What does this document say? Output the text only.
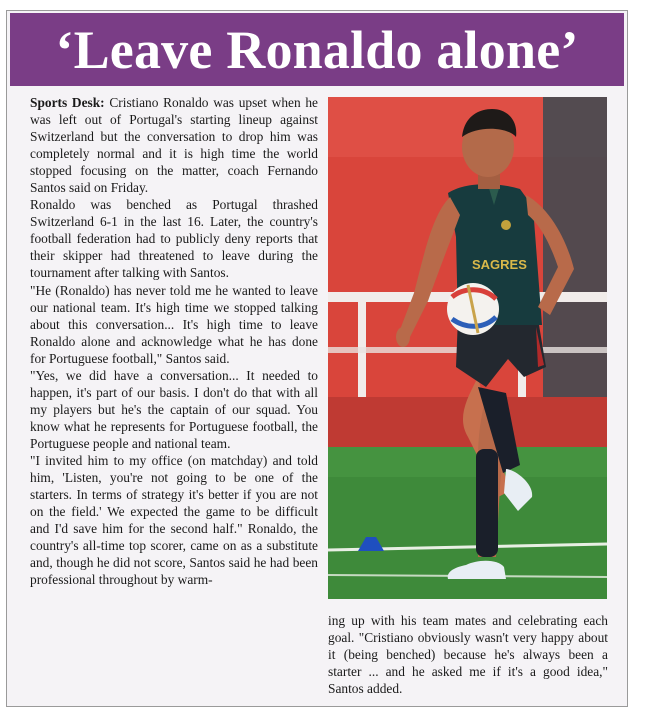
‘Leave Ronaldo alone’

Sports Desk: Cristiano Ronaldo was upset when he was left out of Portugal's starting lineup against Switzerland but the conversation to drop him was completely normal and it is high time the world stopped focusing on the matter, coach Fernando Santos said on Friday.

Ronaldo was benched as Portugal thrashed Switzerland 6-1 in the last 16. Later, the country's football federation had to publicly deny reports that their skipper had threatened to leave during the tournament after talking with Santos.

"He (Ronaldo) has never told me he wanted to leave our national team. It's high time we stopped talking about this conversation... It's high time to leave Ronaldo alone and acknowledge what he has done for Portuguese football," Santos said.

"Yes, we did have a conversation... It needed to happen, it's part of our basis. I don't do that with all my players but he's the captain of our squad. You know what he represents for Portuguese football, the Portuguese people and national team.

"I invited him to my office (on matchday) and told him, 'Listen, you're not going to be one of the starters. In terms of strategy it's better if you are not on the field.' We expected the game to be difficult and I'd save him for the second half." Ronaldo, the country's all-time top scorer, came on as a substitute and, though he did not score, Santos said he had been professional throughout by warm-

SAGRES

ing up with his team mates and celebrating each goal. "Cristiano obviously wasn't very happy about it (being benched) because he's always been a starter ... and he asked me if it's a good idea," Santos added.
